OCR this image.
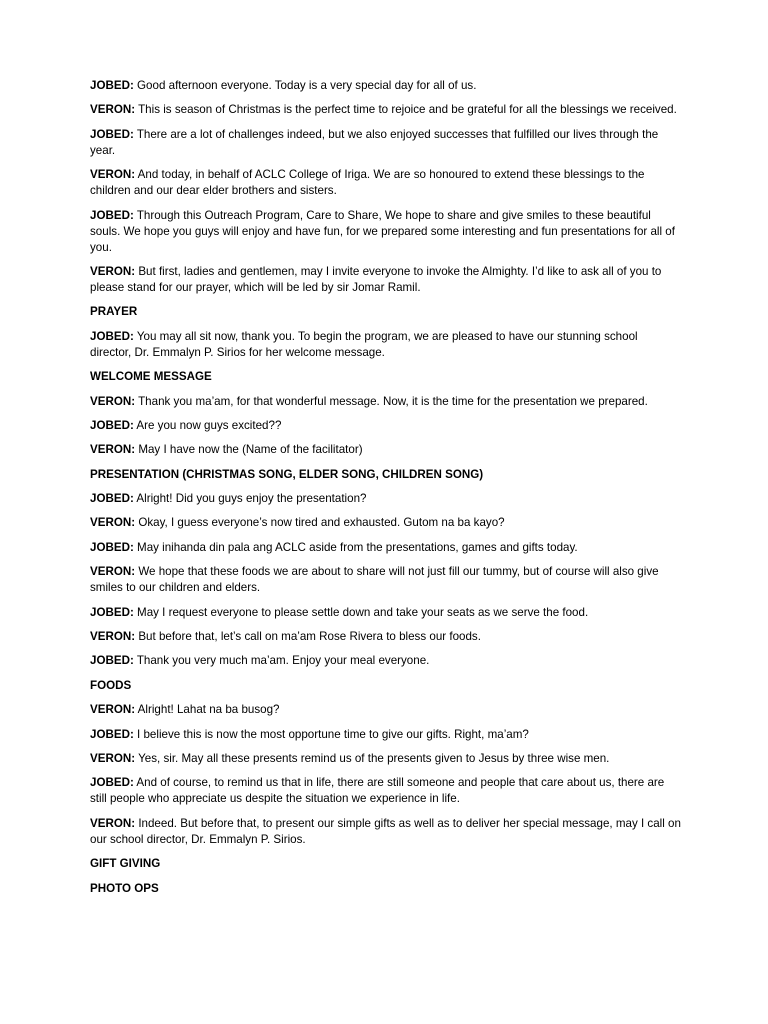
JOBED: Good afternoon everyone. Today is a very special day for all of us.

VERON: This is season of Christmas is the perfect time to rejoice and be grateful for all the blessings we received.

JOBED: There are a lot of challenges indeed, but we also enjoyed successes that fulfilled our lives through the year.

VERON: And today, in behalf of ACLC College of Iriga. We are so honoured to extend these blessings to the children and our dear elder brothers and sisters.

JOBED: Through this Outreach Program, Care to Share, We hope to share and give smiles to these beautiful souls. We hope you guys will enjoy and have fun, for we prepared some interesting and fun presentations for all of you.

VERON: But first, ladies and gentlemen, may I invite everyone to invoke the Almighty. I’d like to ask all of you to please stand for our prayer, which will be led by sir Jomar Ramil.

PRAYER

JOBED: You may all sit now, thank you. To begin the program, we are pleased to have our stunning school director, Dr. Emmalyn P. Sirios for her welcome message.

WELCOME MESSAGE

VERON: Thank you ma’am, for that wonderful message. Now, it is the time for the presentation we prepared.

JOBED: Are you now guys excited??

VERON: May I have now the (Name of the facilitator)

PRESENTATION (CHRISTMAS SONG, ELDER SONG, CHILDREN SONG)

JOBED: Alright! Did you guys enjoy the presentation?

VERON: Okay, I guess everyone’s now tired and exhausted. Gutom na ba kayo?

JOBED: May inihanda din pala ang ACLC aside from the presentations, games and gifts today.

VERON: We hope that these foods we are about to share will not just fill our tummy, but of course will also give smiles to our children and elders.

JOBED: May I request everyone to please settle down and take your seats as we serve the food.

VERON: But before that, let’s call on ma’am Rose Rivera to bless our foods.

JOBED: Thank you very much ma’am. Enjoy your meal everyone.

FOODS

VERON: Alright! Lahat na ba busog?

JOBED: I believe this is now the most opportune time to give our gifts. Right, ma’am?

VERON: Yes, sir. May all these presents remind us of the presents given to Jesus by three wise men.

JOBED: And of course, to remind us that in life, there are still someone and people that care about us, there are still people who appreciate us despite the situation we experience in life.

VERON: Indeed. But before that, to present our simple gifts as well as to deliver her special message, may I call on our school director, Dr. Emmalyn P. Sirios.

GIFT GIVING

PHOTO OPS
